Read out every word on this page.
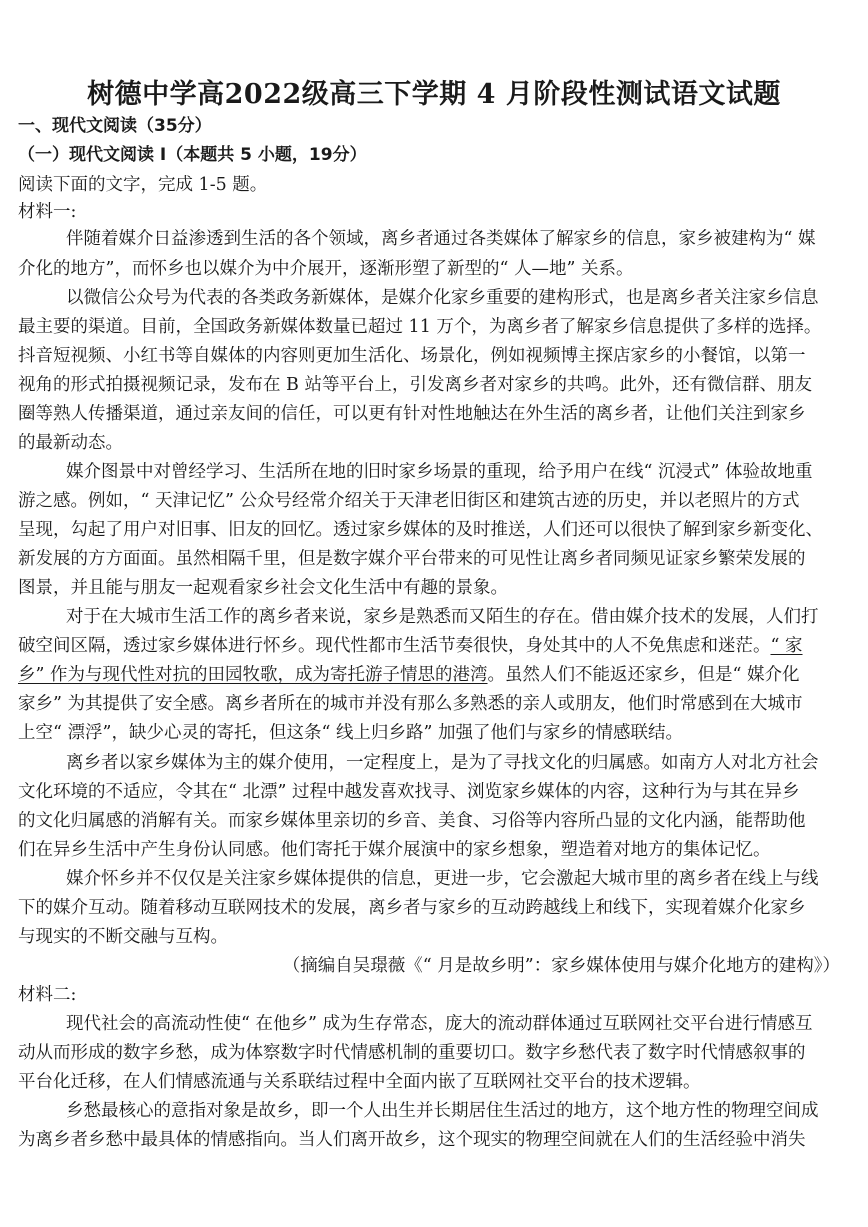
树德中学高2022级高三下学期 4 月阶段性测试语文试题

一、现代文阅读（35分）

（一）现代文阅读 I（本题共 5 小题，19分）

阅读下面的文字，完成 1-5 题。

材料一:

伴随着媒介日益渗透到生活的各个领域，离乡者通过各类媒体了解家乡的信息，家乡被建构为“ 媒

介化的地方”，而怀乡也以媒介为中介展开，逐渐形塑了新型的“ 人—地” 关系。

以微信公众号为代表的各类政务新媒体，是媒介化家乡重要的建构形式，也是离乡者关注家乡信息

最主要的渠道。目前，全国政务新媒体数量已超过 11 万个，为离乡者了解家乡信息提供了多样的选择。

抖音短视频、小红书等自媒体的内容则更加生活化、场景化，例如视频博主探店家乡的小餐馆，以第一

视角的形式拍摄视频记录，发布在 B 站等平台上，引发离乡者对家乡的共鸣。此外，还有微信群、朋友

圈等熟人传播渠道，通过亲友间的信任，可以更有针对性地触达在外生活的离乡者，让他们关注到家乡

的最新动态。

媒介图景中对曾经学习、生活所在地的旧时家乡场景的重现，给予用户在线“ 沉浸式” 体验故地重

游之感。例如，“ 天津记忆” 公众号经常介绍关于天津老旧街区和建筑古迹的历史，并以老照片的方式

呈现，勾起了用户对旧事、旧友的回忆。透过家乡媒体的及时推送，人们还可以很快了解到家乡新变化、

新发展的方方面面。虽然相隔千里，但是数字媒介平台带来的可见性让离乡者同频见证家乡繁荣发展的

图景，并且能与朋友一起观看家乡社会文化生活中有趣的景象。

对于在大城市生活工作的离乡者来说，家乡是熟悉而又陌生的存在。借由媒介技术的发展，人们打

破空间区隔，透过家乡媒体进行怀乡。现代性都市生活节奏很快，身处其中的人不免焦虑和迷茫。“ 家

乡” 作为与现代性对抗的田园牧歌，成为寄托游子情思的港湾。虽然人们不能返还家乡，但是“ 媒介化

家乡” 为其提供了安全感。离乡者所在的城市并没有那么多熟悉的亲人或朋友，他们时常感到在大城市

上空“ 漂浮”，缺少心灵的寄托，但这条“ 线上归乡路” 加强了他们与家乡的情感联结。

离乡者以家乡媒体为主的媒介使用，一定程度上，是为了寻找文化的归属感。如南方人对北方社会

文化环境的不适应，令其在“ 北漂” 过程中越发喜欢找寻、浏览家乡媒体的内容，这种行为与其在异乡

的文化归属感的消解有关。而家乡媒体里亲切的乡音、美食、习俗等内容所凸显的文化内涵，能帮助他

们在异乡生活中产生身份认同感。他们寄托于媒介展演中的家乡想象，塑造着对地方的集体记忆。

媒介怀乡并不仅仅是关注家乡媒体提供的信息，更进一步，它会激起大城市里的离乡者在线上与线

下的媒介互动。随着移动互联网技术的发展，离乡者与家乡的互动跨越线上和线下，实现着媒介化家乡

与现实的不断交融与互构。

（摘编自吴璟薇《“ 月是故乡明”：家乡媒体使用与媒介化地方的建构》）

材料二:

现代社会的高流动性使“ 在他乡” 成为生存常态，庞大的流动群体通过互联网社交平台进行情感互

动从而形成的数字乡愁，成为体察数字时代情感机制的重要切口。数字乡愁代表了数字时代情感叙事的

平台化迁移，在人们情感流通与关系联结过程中全面内嵌了互联网社交平台的技术逻辑。

乡愁最核心的意指对象是故乡，即一个人出生并长期居住生活过的地方，这个地方性的物理空间成

为离乡者乡愁中最具体的情感指向。当人们离开故乡，这个现实的物理空间就在人们的生活经验中消失
